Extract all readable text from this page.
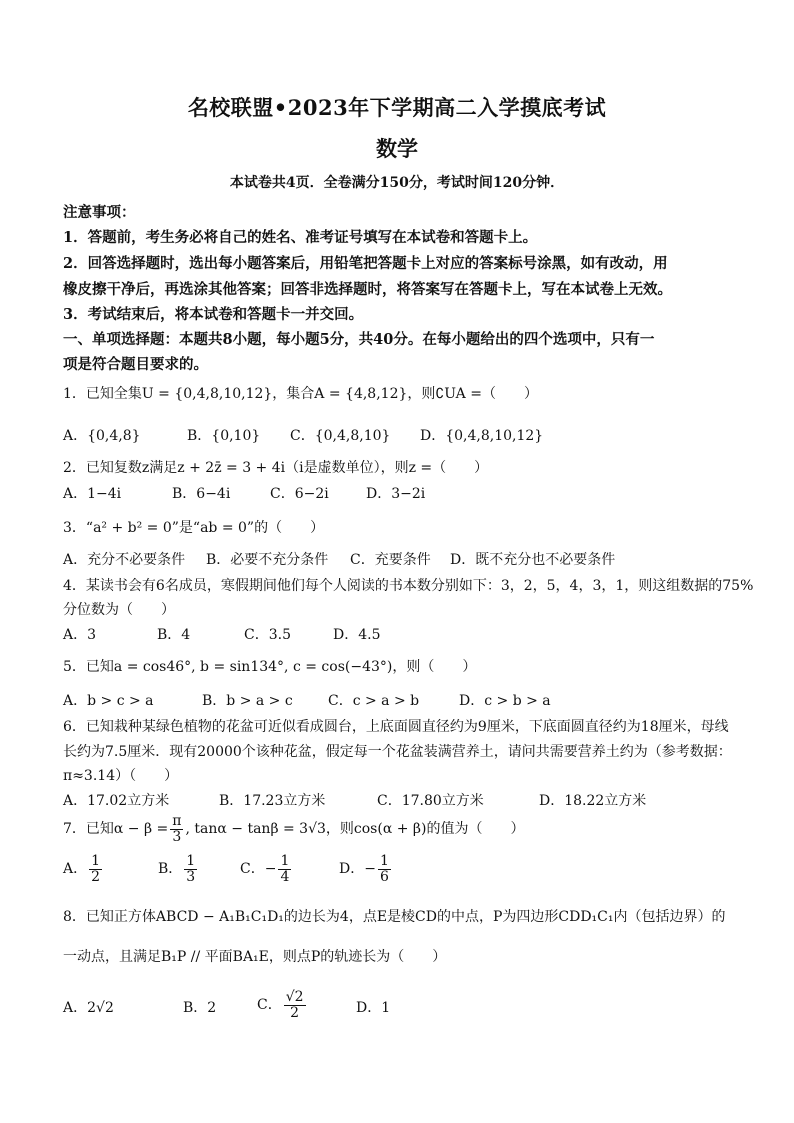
名校联盟•2023年下学期高二入学摸底考试
数学
本试卷共4页．全卷满分150分，考试时间120分钟．
注意事项：
1．答题前，考生务必将自己的姓名、准考证号填写在本试卷和答题卡上。
2．回答选择题时，选出每小题答案后，用铅笔把答题卡上对应的答案标号涂黑，如有改动，用
橡皮擦干净后，再选涂其他答案；回答非选择题时，将答案写在答题卡上，写在本试卷上无效。
3．考试结束后，将本试卷和答题卡一并交回。
一、单项选择题：本题共8小题，每小题5分，共40分。在每小题给出的四个选项中，只有一
项是符合题目要求的。
1．已知全集U = {0,4,8,10,12}，集合A = {4,8,12}，则∁UA =（　　）
A．{0,4,8}	B．{0,10} C．{0,4,8,10} D．{0,4,8,10,12}
2．已知复数z满足z + 2z̄ = 3 + 4i（i是虚数单位），则z =（　　）
A．1−4i	B．6−4i	C．6−2i	D．3−2i
3．“a² + b² = 0”是“ab = 0”的（　　）
A．充分不必要条件 B．必要不充分条件 C．充要条件 D．既不充分也不必要条件
4．某读书会有6名成员，寒假期间他们每个人阅读的书本数分别如下：3，2，5，4，3，1，则这组数据的75%
分位数为（　　）
A．3	B．4	C．3.5	D．4.5
5．已知a = cos46°, b = sin134°, c = cos(−43°)，则（　　）
A．b > c > a	B．b > a > c	C．c > a > b	D．c > b > a
6．已知栽种某绿色植物的花盆可近似看成圆台，上底面圆直径约为9厘米，下底面圆直径约为18厘米，母线
长约为7.5厘米．现有20000个该种花盆，假定每一个花盆装满营养土，请问共需要营养土约为（参考数据：
π≈3.14）（　　）
A．17.02立方米	B．17.23立方米	C．17.80立方米	D．18.22立方米
7．已知$\alpha - \beta = \frac{\pi}{3}$ , tanα − tanβ = 3√3，则cos(α + β)的值为（　　）
A． $\frac{1}{2}$	B． $\frac{1}{3}$	C．− $\frac{1}{4}$	D．− $\frac{1}{6}$
8．已知正方体ABCD − A₁B₁C₁D₁的边长为4，点E是棱CD的中点，P为四边形CDD₁C₁内（包括边界）的
一动点，且满足B₁P // 平面BA₁E，则点P的轨迹长为（　　）
A．2√2	B．2	C． $\frac{√2}{2}$	D．1
